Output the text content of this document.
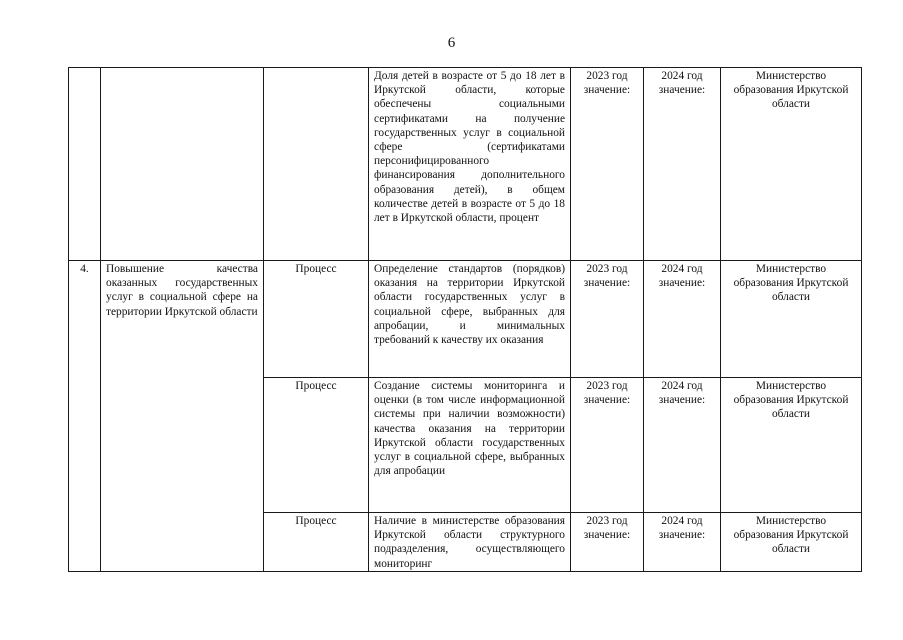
6
			Доля детей в возрасте от 5 до 18 лет в Иркутской области, которые обеспечены социальными сертификатами на получение государственных услуг в социальной сфере (сертификатами персонифицированного финансирования дополнительного образования детей), в общем количестве детей в возрасте от 5 до 18 лет в Иркутской области, процент	2023 год значение:	2024 год значение:	Министерство образования Иркутской области
4.	Повышение качества оказанных государственных услуг в социальной сфере на территории Иркутской области	Процесс	Определение стандартов (порядков) оказания на территории Иркутской области государственных услуг в социальной сфере, выбранных для апробации, и минимальных требований к качеству их оказания	2023 год значение:	2024 год значение:	Министерство образования Иркутской области
		Процесс	Создание системы мониторинга и оценки (в том числе информационной системы при наличии возможности) качества оказания на территории Иркутской области государственных услуг в социальной сфере, выбранных для апробации	2023 год значение:	2024 год значение:	Министерство образования Иркутской области
		Процесс	Наличие в министерстве образования Иркутской области структурного подразделения, осуществляющего мониторинг	2023 год значение:	2024 год значение:	Министерство образования Иркутской области
